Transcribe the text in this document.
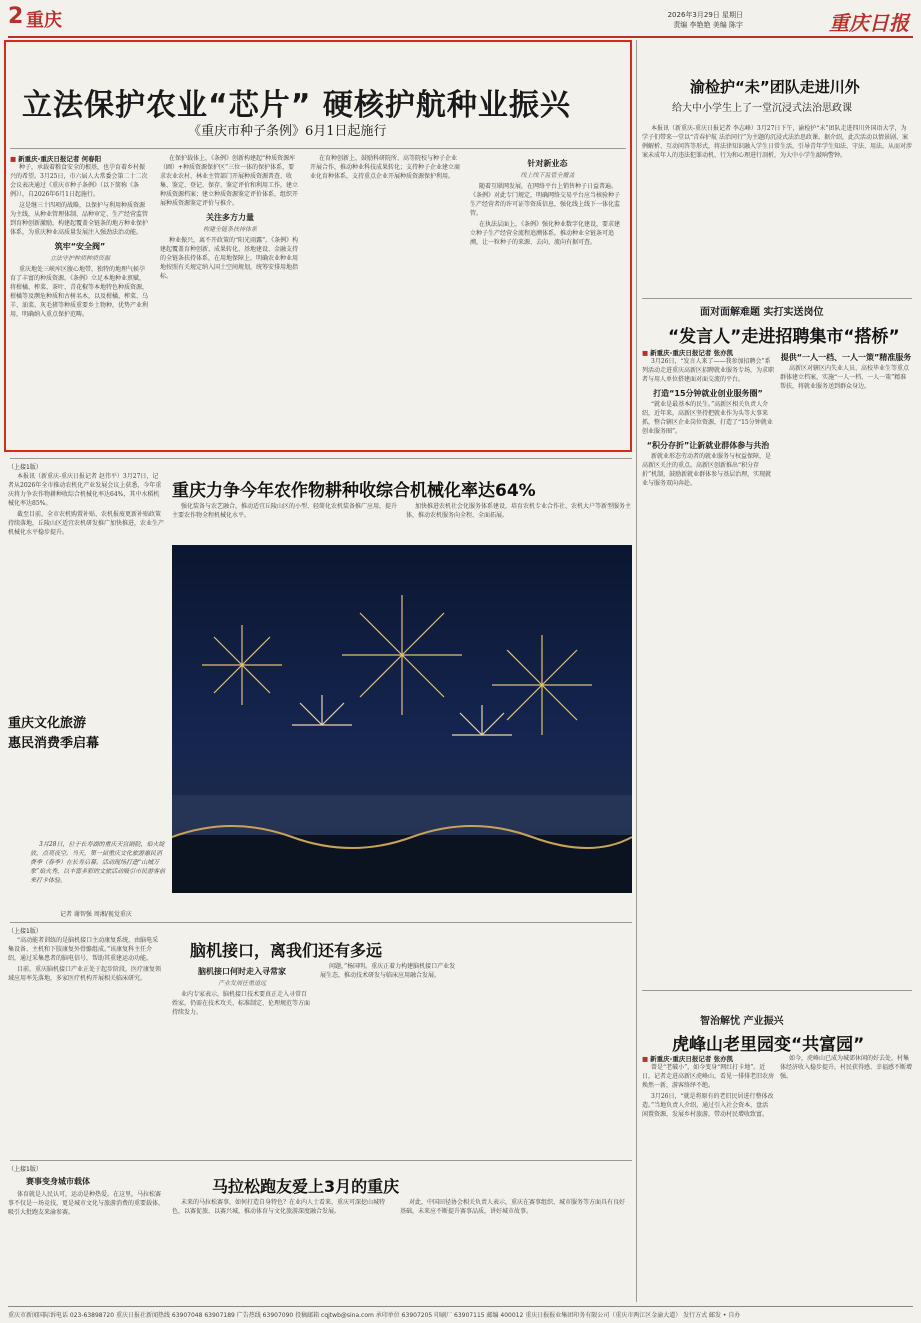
2 重庆	2026年3月29日 星期日
责编 李艳艳 美编 陈宇	重庆日报
立法保护农业“芯片” 硬核护航种业振兴
《重庆市种子条例》6月1日起施行
■ 新重庆-重庆日报记者 何春阳

种子，承载着粮食安全的根基，也孕育着乡村振兴的希望。3月25日，市六届人大常委会第二十二次会议表决通过《重庆市种子条例》（以下简称《条例》），自2026年6月1日起施行。

这是继三十四项的战略，以保护与利用种质资源为主线，从种业管理体制、品种审定、生产经营监管到育种创新激励，构建起覆盖全链条的地方种业保护体系，为重庆种业高质量发展注入强劲法治动能。

筑牢“安全阀”
立法守护种质种质资源

重庆地处三峡库区腹心地带，独特的地理气候孕育了丰富的种质资源。《条例》立足本地种业禀赋，将柑橘、榨菜、茶叶、青花椒等本地特色种质资源，柑橘等及濒危种质和古树名木，以及柑橘、榨菜、乌羊、油菜、灰毛猪等种质重要乡土物种，优势产业利用，明确纳入重点保护范畴。

在保护载体上，《条例》创新构建起“种质资源库（圃）+种质资源保护区”三位一体的保护体系，要求农业农村、林业主管部门开展种质资源普查、收集、鉴定、登记、保存、鉴定评价和利用工作，建立种质资源档案；建立种质资源鉴定评价体系，组织开展种质资源鉴定评价与推介。

关注多方力量
构建全链条扶持体系

种业振兴，离不开政策的“阳光雨露”。《条例》构建起覆盖育种创新、成果转化、基地建设、金融支持的全链条扶持体系，在用地保障上，明确农业种业用地按照有关规定纳入国土空间规划，统筹安排用地指标。

在育种创新上，鼓励科研院所、高等院校与种子企业开展合作，推动种业科技成果转化；支持种子企业建立商业化育种体系，支持重点企业开展种质资源保护利用。

针对新业态
线上线下监管全覆盖

随着互联网发展，在网络平台上销售种子日益普遍。《条例》对此专门规定，明确网络交易平台应当核验种子生产经营者的许可证等资质信息，强化线上线下一体化监管。

在执法层面上，《条例》强化种业数字化建设，要求建立种子生产经营全流程追溯体系，推动种业全链条可追溯，让一粒种子的来源、去向、流向有据可查。

渝检护“未”团队走进川外
给大中小学生上了一堂沉浸式法治思政课

本报讯（新重庆-重庆日报记者 李志峰）3月27日下午，渝检护“未”团队走进四川外国语大学，为学子们带来一堂以“青春护航 法治同行”为主题的沉浸式法治思政课。据介绍，此次活动以情景剧、案例解析、互动问答等形式，将法律知识融入学生日常生活，引导青年学生知法、守法、用法。从而对涉案未成年人的违法犯罪动机、行为和心理进行剖析，为大中小学生敲响警钟。

面对面解难题 实打实送岗位
“发言人”走进招聘集市“搭桥”
■ 新重庆-重庆日报记者 张亦凯

3月26日，“发言人来了——我参加招聘会”系列活动走进重庆高新区招聘就业服务专场，为求职者与用人单位搭建面对面交流的平台。

打造“15分钟就业创业服务圈”

“就业是最基本的民生。”高新区相关负责人介绍，近年来，高新区坚持把就业作为头等大事来抓，整合辖区企业岗位资源，打造了“15分钟就业创业服务圈”。

“积分存折”让新就业群体参与共治

新就业形态劳动者的就业服务与权益保障，是高新区关注的重点。高新区创新推出“积分存折”机制，鼓励新就业群体参与基层治理，实现就业与服务双向奔赴。

提供“一人一档、一人一策”精准服务

高新区对辖区内失业人员、高校毕业生等重点群体建立档案，实施“一人一档、一人一策”精准帮扶，将就业服务送到群众身边。

（上接1版）

本报讯（新重庆-重庆日报记者 赵伟平）3月27日，记者从2026年全市推动农机化产业发展会议上获悉，今年重庆将力争农作物耕种收综合机械化率达64%，其中水稻机械化率达85%。

截至目前，全市农机购置补贴、农机报废更新补贴政策持续落地，丘陵山区适宜农机研发推广加快推进，农业生产机械化水平稳步提升。

重庆力争今年农作物耕种收综合机械化率达64%

强化装备与农艺融合，推动适宜丘陵山区的小型、轻简化农机装备推广应用，提升主要农作物全程机械化水平。

加快推进农机社会化服务体系建设，培育农机专业合作社、农机大户等新型服务主体，推动农机服务向全程、全面拓展。

重庆文化旅游
惠民消费季启幕

3月28日，位于长寿湖的重庆天宫剧院，焰火绽放，点亮夜空。当天，第一届重庆文化旅游惠民消费季（春季）在长寿启幕。活动现场打造“山城万象”焰火秀，以丰富多彩的文旅活动吸引市民游客前来打卡体验。

记者 谢智强 周湘/视觉重庆
（上接1版）

“高动能者训练的是脑机接口主动康复系统，由脑电采集设备、主机和下肢康复外骨骼组成。”该康复科主任介绍，通过采集患者的脑电信号，帮助其重建运动功能。

目前，重庆脑机接口产业正处于起步阶段，医疗康复领域应用率先落地，多家医疗机构开展相关临床研究。

脑机接口，离我们还有多远
脑机接口何时走入寻常家
产业发展任重道远

业内专家表示，脑机接口技术要真正走入寻常百姓家，仍需在技术攻关、标准制定、伦理规范等方面持续发力。

问题，”杨国明。重庆正着力构建脑机接口产业发展生态，推动技术研发与临床应用融合发展。

（上接1版）
赛事变身城市载体

体育就是人民认可，运动是种热爱。在这里，马拉松赛事不仅是一场竞技，更是城市文化与旅游消费的重要载体，吸引大批跑友来渝参赛。

马拉松跑友爱上3月的重庆

未来的马拉松赛事，如何打造自身特色？在业内人士看来，重庆可深挖山城特色，以赛促旅、以赛兴城，推动体育与文化旅游深度融合发展。

对此，中国田径协会相关负责人表示，重庆在赛事组织、城市服务等方面具有良好基础，未来应不断提升赛事品质，讲好城市故事。

智治解忧 产业振兴
虎峰山老里园变“共富园”
■ 新重庆-重庆日报记者 张亦凯

曾是“老破小”，如今变身“网红打卡地”。近日，记者走进高新区虎峰山，看见一排排老旧农房焕然一新，游客络绎不绝。

3月26日，“就是将原有的老旧民居进行整体改造。”当地负责人介绍，通过引入社会资本，盘活闲置资源，发展乡村旅游，带动村民增收致富。

如今，虎峰山已成为城郊休闲的好去处，村集体经济收入稳步提升，村民获得感、幸福感不断增强。

重庆市新闻国际诉电话 023-63898720 重庆日报社新闻热线 63907048 63907189 广告热线 63907090 投稿邮箱 cqjtwb@sina.com 承印单位 63907205 印刷厂 63907115 邮编 400012 重庆日报报业集团印务有限公司（重庆市两江区金渝大道） 发行方式 邮发 • 自办
